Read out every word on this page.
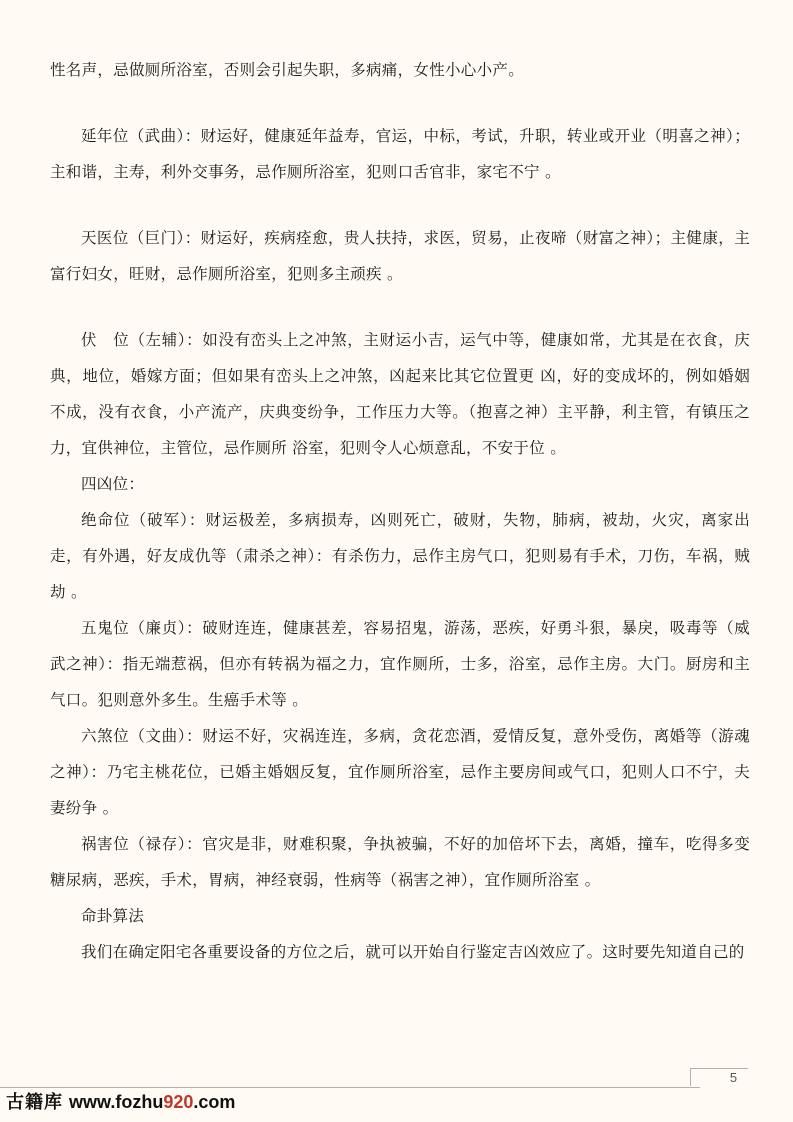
性名声，忌做厕所浴室，否则会引起失职，多病痛，女性小心小产。

延年位（武曲）：财运好，健康延年益寿，官运，中标，考试，升职，转业或开业（明喜之神）；主和谐，主寿，利外交事务，忌作厕所浴室，犯则口舌官非，家宅不宁 。

天医位（巨门）：财运好，疾病痊愈，贵人扶持，求医，贸易，止夜啼（财富之神）；主健康，主富行妇女，旺财，忌作厕所浴室，犯则多主顽疾 。

伏　位（左辅）：如没有峦头上之冲煞，主财运小吉，运气中等，健康如常，尤其是在衣食，庆典，地位，婚嫁方面；但如果有峦头上之冲煞，凶起来比其它位置更 凶，好的变成坏的，例如婚姻不成，没有衣食，小产流产，庆典变纷争，工作压力大等。（抱喜之神）主平静，利主管，有镇压之力，宜供神位，主管位，忌作厕所 浴室，犯则令人心烦意乱，不安于位 。

四凶位：

绝命位（破军）：财运极差，多病损寿，凶则死亡，破财，失物，肺病，被劫，火灾，离家出走，有外遇，好友成仇等（肃杀之神）：有杀伤力，忌作主房气口，犯则易有手术，刀伤，车祸，贼劫 。

五鬼位（廉贞）：破财连连，健康甚差，容易招鬼，游荡，恶疾，好勇斗狠，暴戾，吸毒等（威武之神）：指无端惹祸，但亦有转祸为福之力，宜作厕所，士多，浴室，忌作主房。大门。厨房和主气口。犯则意外多生。生癌手术等 。

六煞位（文曲）：财运不好，灾祸连连，多病，贪花恋酒，爱情反复，意外受伤，离婚等（游魂之神）：乃宅主桃花位，已婚主婚姻反复，宜作厕所浴室，忌作主要房间或气口，犯则人口不宁，夫妻纷争 。

祸害位（禄存）：官灾是非，财难积聚，争执被骗，不好的加倍坏下去，离婚，撞车，吃得多变糖尿病，恶疾，手术，胃病，神经衰弱，性病等（祸害之神），宜作厕所浴室 。

命卦算法

我们在确定阳宅各重要设备的方位之后，就可以开始自行鉴定吉凶效应了。这时要先知道自己的

5
古籍库 www.fozhu920.com
